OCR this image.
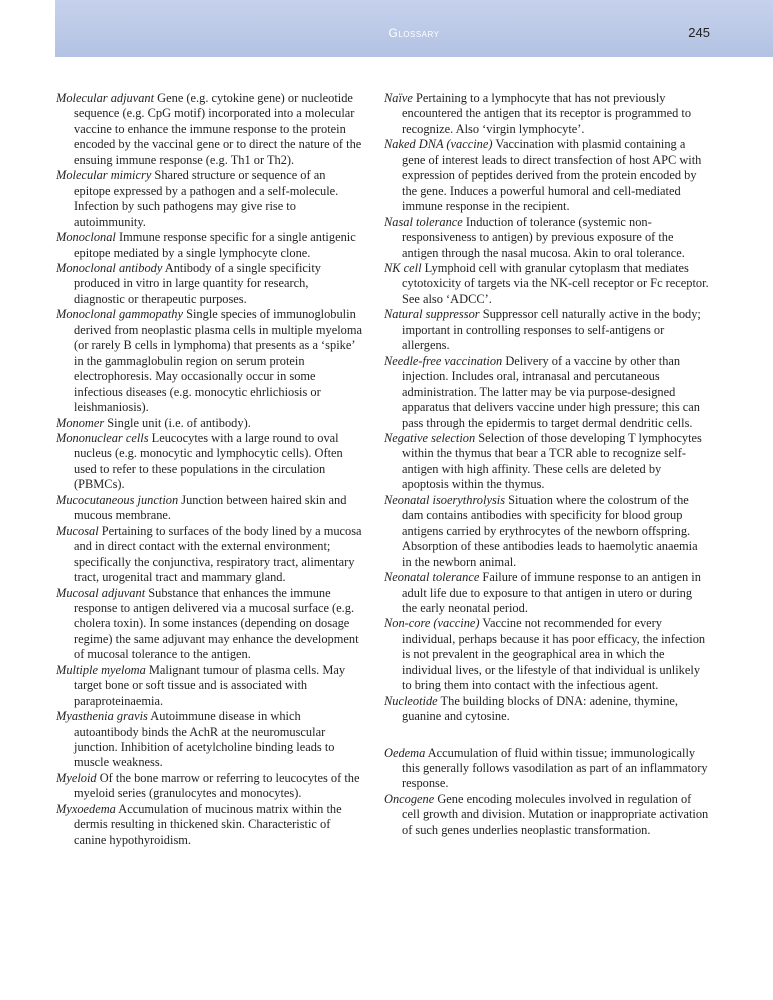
Glossary	245

Molecular adjuvant Gene (e.g. cytokine gene) or nucleotide sequence (e.g. CpG motif) incorporated into a molecular vaccine to enhance the immune response to the protein encoded by the vaccinal gene or to direct the nature of the ensuing immune response (e.g. Th1 or Th2).

Molecular mimicry Shared structure or sequence of an epitope expressed by a pathogen and a self-molecule. Infection by such pathogens may give rise to autoimmunity.

Monoclonal Immune response specific for a single antigenic epitope mediated by a single lymphocyte clone.

Monoclonal antibody Antibody of a single specificity produced in vitro in large quantity for research, diagnostic or therapeutic purposes.

Monoclonal gammopathy Single species of immunoglobulin derived from neoplastic plasma cells in multiple myeloma (or rarely B cells in lymphoma) that presents as a ‘spike’ in the gammaglobulin region on serum protein electrophoresis. May occasionally occur in some infectious diseases (e.g. monocytic ehrlichiosis or leishmaniosis).

Monomer Single unit (i.e. of antibody).

Mononuclear cells Leucocytes with a large round to oval nucleus (e.g. monocytic and lymphocytic cells). Often used to refer to these populations in the circulation (PBMCs).

Mucocutaneous junction Junction between haired skin and mucous membrane.

Mucosal Pertaining to surfaces of the body lined by a mucosa and in direct contact with the external environment; specifically the conjunctiva, respiratory tract, alimentary tract, urogenital tract and mammary gland.

Mucosal adjuvant Substance that enhances the immune response to antigen delivered via a mucosal surface (e.g. cholera toxin). In some instances (depending on dosage regime) the same adjuvant may enhance the development of mucosal tolerance to the antigen.

Multiple myeloma Malignant tumour of plasma cells. May target bone or soft tissue and is associated with paraproteinaemia.

Myasthenia gravis Autoimmune disease in which autoantibody binds the AchR at the neuromuscular junction. Inhibition of acetylcholine binding leads to muscle weakness.

Myeloid Of the bone marrow or referring to leucocytes of the myeloid series (granulocytes and monocytes).

Myxoedema Accumulation of mucinous matrix within the dermis resulting in thickened skin. Characteristic of canine hypothyroidism.

Naïve Pertaining to a lymphocyte that has not previously encountered the antigen that its receptor is programmed to recognize. Also ‘virgin lymphocyte’.

Naked DNA (vaccine) Vaccination with plasmid containing a gene of interest leads to direct transfection of host APC with expression of peptides derived from the protein encoded by the gene. Induces a powerful humoral and cell-mediated immune response in the recipient.

Nasal tolerance Induction of tolerance (systemic non-responsiveness to antigen) by previous exposure of the antigen through the nasal mucosa. Akin to oral tolerance.

NK cell Lymphoid cell with granular cytoplasm that mediates cytotoxicity of targets via the NK-cell receptor or Fc receptor. See also ‘ADCC’.

Natural suppressor Suppressor cell naturally active in the body; important in controlling responses to self-antigens or allergens.

Needle-free vaccination Delivery of a vaccine by other than injection. Includes oral, intranasal and percutaneous administration. The latter may be via purpose-designed apparatus that delivers vaccine under high pressure; this can pass through the epidermis to target dermal dendritic cells.

Negative selection Selection of those developing T lymphocytes within the thymus that bear a TCR able to recognize self-antigen with high affinity. These cells are deleted by apoptosis within the thymus.

Neonatal isoerythrolysis Situation where the colostrum of the dam contains antibodies with specificity for blood group antigens carried by erythrocytes of the newborn offspring. Absorption of these antibodies leads to haemolytic anaemia in the newborn animal.

Neonatal tolerance Failure of immune response to an antigen in adult life due to exposure to that antigen in utero or during the early neonatal period.

Non-core (vaccine) Vaccine not recommended for every individual, perhaps because it has poor efficacy, the infection is not prevalent in the geographical area in which the individual lives, or the lifestyle of that individual is unlikely to bring them into contact with the infectious agent.

Nucleotide The building blocks of DNA: adenine, thymine, guanine and cytosine.

Oedema Accumulation of fluid within tissue; immunologically this generally follows vasodilation as part of an inflammatory response.

Oncogene Gene encoding molecules involved in regulation of cell growth and division. Mutation or inappropriate activation of such genes underlies neoplastic transformation.
